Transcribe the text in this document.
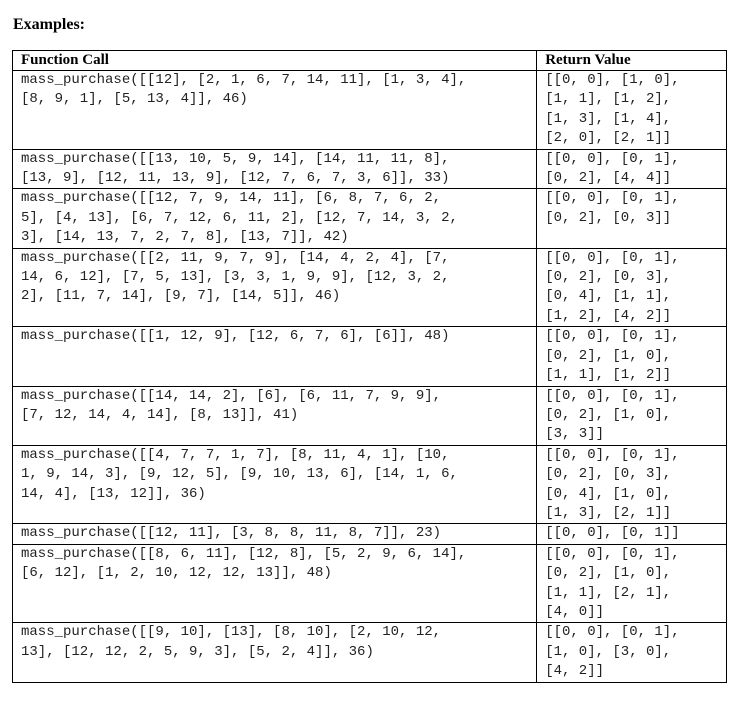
Examples:
Function Call	Return Value
mass_purchase([[12], [2, 1, 6, 7, 14, 11], [1, 3, 4],
[8, 9, 1], [5, 13, 4]], 46)	[[0, 0], [1, 0],
[1, 1], [1, 2],
[1, 3], [1, 4],
[2, 0], [2, 1]]
mass_purchase([[13, 10, 5, 9, 14], [14, 11, 11, 8],
[13, 9], [12, 11, 13, 9], [12, 7, 6, 7, 3, 6]], 33)	[[0, 0], [0, 1],
[0, 2], [4, 4]]
mass_purchase([[12, 7, 9, 14, 11], [6, 8, 7, 6, 2,
5], [4, 13], [6, 7, 12, 6, 11, 2], [12, 7, 14, 3, 2,
3], [14, 13, 7, 2, 7, 8], [13, 7]], 42)	[[0, 0], [0, 1],
[0, 2], [0, 3]]
mass_purchase([[2, 11, 9, 7, 9], [14, 4, 2, 4], [7,
14, 6, 12], [7, 5, 13], [3, 3, 1, 9, 9], [12, 3, 2,
2], [11, 7, 14], [9, 7], [14, 5]], 46)	[[0, 0], [0, 1],
[0, 2], [0, 3],
[0, 4], [1, 1],
[1, 2], [4, 2]]
mass_purchase([[1, 12, 9], [12, 6, 7, 6], [6]], 48)	[[0, 0], [0, 1],
[0, 2], [1, 0],
[1, 1], [1, 2]]
mass_purchase([[14, 14, 2], [6], [6, 11, 7, 9, 9],
[7, 12, 14, 4, 14], [8, 13]], 41)	[[0, 0], [0, 1],
[0, 2], [1, 0],
[3, 3]]
mass_purchase([[4, 7, 7, 1, 7], [8, 11, 4, 1], [10,
1, 9, 14, 3], [9, 12, 5], [9, 10, 13, 6], [14, 1, 6,
14, 4], [13, 12]], 36)	[[0, 0], [0, 1],
[0, 2], [0, 3],
[0, 4], [1, 0],
[1, 3], [2, 1]]
mass_purchase([[12, 11], [3, 8, 8, 11, 8, 7]], 23)	[[0, 0], [0, 1]]
mass_purchase([[8, 6, 11], [12, 8], [5, 2, 9, 6, 14],
[6, 12], [1, 2, 10, 12, 12, 13]], 48)	[[0, 0], [0, 1],
[0, 2], [1, 0],
[1, 1], [2, 1],
[4, 0]]
mass_purchase([[9, 10], [13], [8, 10], [2, 10, 12,
13], [12, 12, 2, 5, 9, 3], [5, 2, 4]], 36)	[[0, 0], [0, 1],
[1, 0], [3, 0],
[4, 2]]
